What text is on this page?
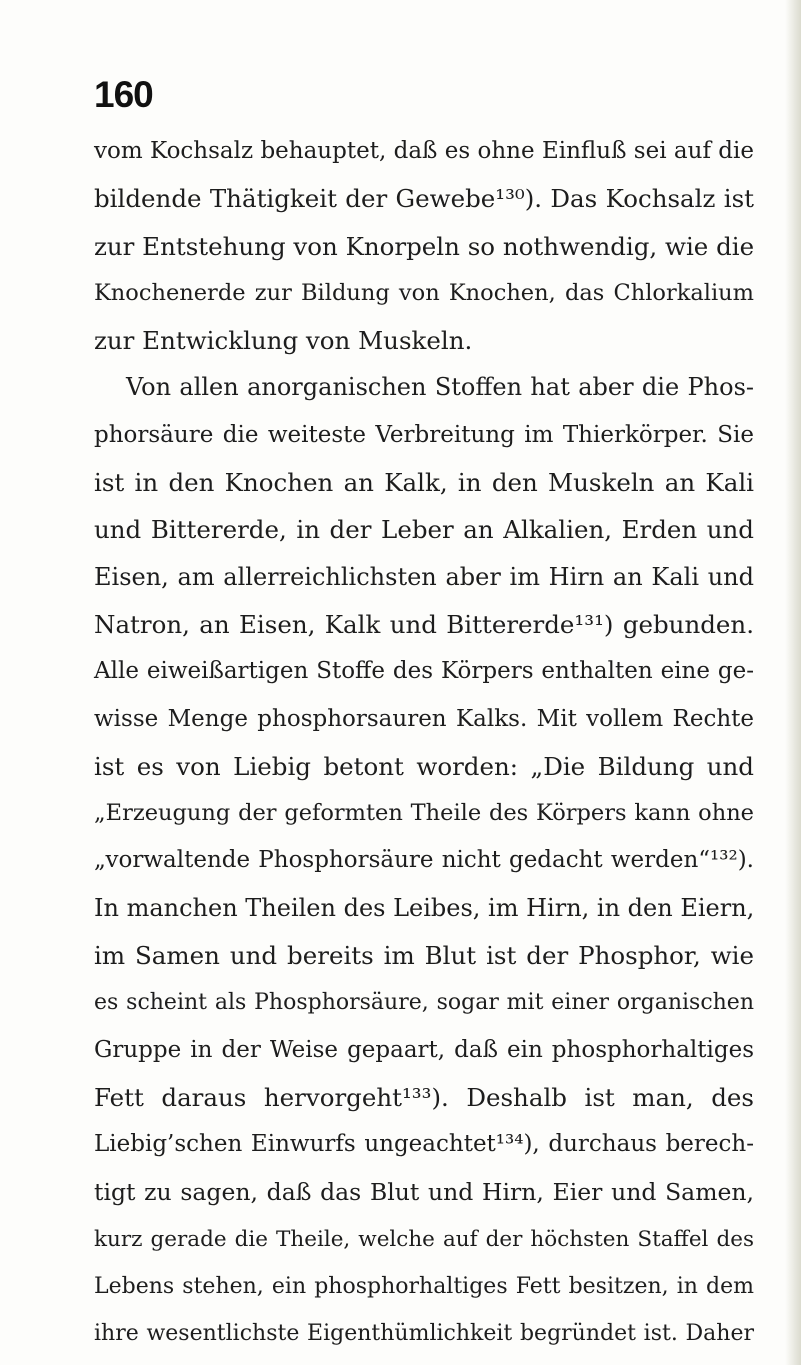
160
vom Kochsalz behauptet, daß es ohne Einfluß sei auf die
bildende Thätigkeit der Gewebe¹³⁰). Das Kochsalz ist
zur Entstehung von Knorpeln so nothwendig, wie die
Knochenerde zur Bildung von Knochen, das Chlorkalium
zur Entwicklung von Muskeln.
Von allen anorganischen Stoffen hat aber die Phos-
phorsäure die weiteste Verbreitung im Thierkörper. Sie
ist in den Knochen an Kalk, in den Muskeln an Kali
und Bittererde, in der Leber an Alkalien, Erden und
Eisen, am allerreichlichsten aber im Hirn an Kali und
Natron, an Eisen, Kalk und Bittererde¹³¹) gebunden.
Alle eiweißartigen Stoffe des Körpers enthalten eine ge-
wisse Menge phosphorsauren Kalks. Mit vollem Rechte
ist es von Liebig betont worden: „Die Bildung und
„Erzeugung der geformten Theile des Körpers kann ohne
„vorwaltende Phosphorsäure nicht gedacht werden“¹³²).
In manchen Theilen des Leibes, im Hirn, in den Eiern,
im Samen und bereits im Blut ist der Phosphor, wie
es scheint als Phosphorsäure, sogar mit einer organischen
Gruppe in der Weise gepaart, daß ein phosphorhaltiges
Fett daraus hervorgeht¹³³). Deshalb ist man, des
Liebig’schen Einwurfs ungeachtet¹³⁴), durchaus berech-
tigt zu sagen, daß das Blut und Hirn, Eier und Samen,
kurz gerade die Theile, welche auf der höchsten Staffel des
Lebens stehen, ein phosphorhaltiges Fett besitzen, in dem
ihre wesentlichste Eigenthümlichkeit begründet ist. Daher
